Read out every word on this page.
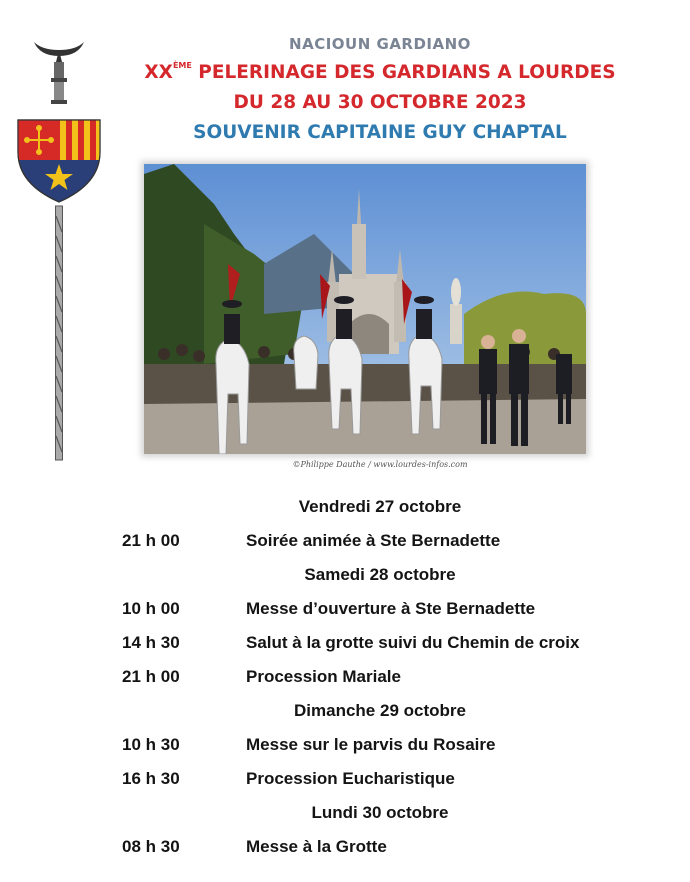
NACIOUN GARDIANO
XXÈME PELERINAGE DES GARDIANS A LOURDES
DU 28 AU 30 OCTOBRE 2023
SOUVENIR CAPITAINE GUY CHAPTAL
©Philippe Dauthe / www.lourdes-infos.com
Vendredi 27 octobre
21 h 00	Soirée animée à Ste Bernadette
Samedi 28 octobre
10 h 00	Messe d’ouverture à Ste Bernadette
14 h 30	Salut à la grotte suivi du Chemin de croix
21 h 00	Procession Mariale
Dimanche 29 octobre
10 h 30	Messe sur le parvis du Rosaire
16 h 30	Procession Eucharistique
Lundi 30 octobre
08 h 30	Messe à la Grotte
